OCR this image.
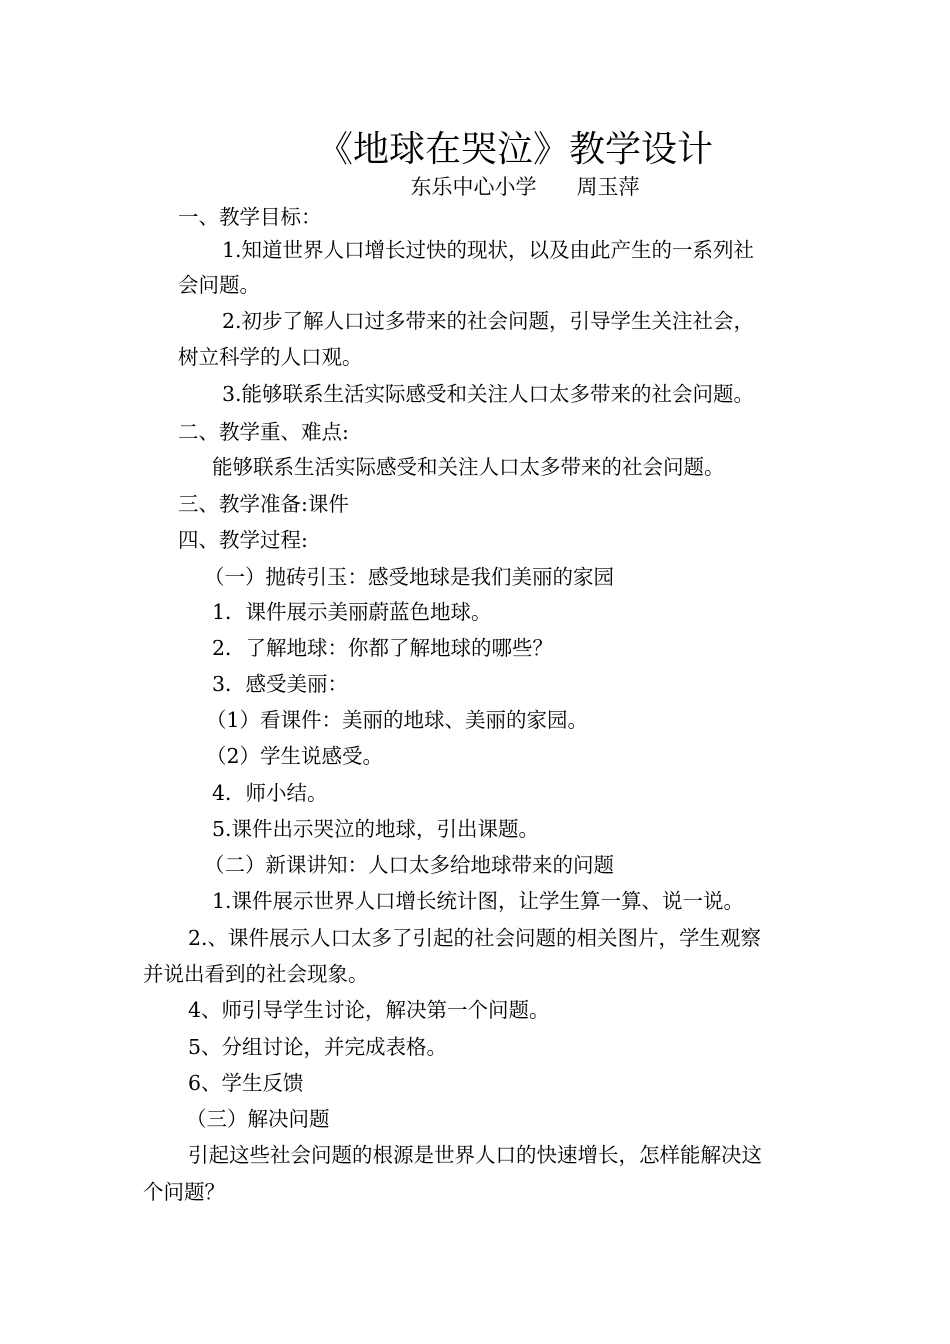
《地球在哭泣》教学设计
东乐中心小学      周玉萍
一、教学目标：
1.知道世界人口增长过快的现状，以及由此产生的一系列社
会问题。
2.初步了解人口过多带来的社会问题，引导学生关注社会，
树立科学的人口观。
3.能够联系生活实际感受和关注人口太多带来的社会问题。
二、教学重、难点:
能够联系生活实际感受和关注人口太多带来的社会问题。
三、教学准备:课件
四、教学过程:
（一）抛砖引玉：感受地球是我们美丽的家园
1．课件展示美丽蔚蓝色地球。
2．了解地球：你都了解地球的哪些？
3．感受美丽：
（1）看课件：美丽的地球、美丽的家园。
（2）学生说感受。
4．师小结。
5.课件出示哭泣的地球，引出课题。
（二）新课讲知：人口太多给地球带来的问题
1.课件展示世界人口增长统计图，让学生算一算、说一说。
2.、课件展示人口太多了引起的社会问题的相关图片，学生观察
并说出看到的社会现象。
4、师引导学生讨论，解决第一个问题。
5、分组讨论，并完成表格。
6、学生反馈
（三）解决问题
引起这些社会问题的根源是世界人口的快速增长，怎样能解决这
个问题？
